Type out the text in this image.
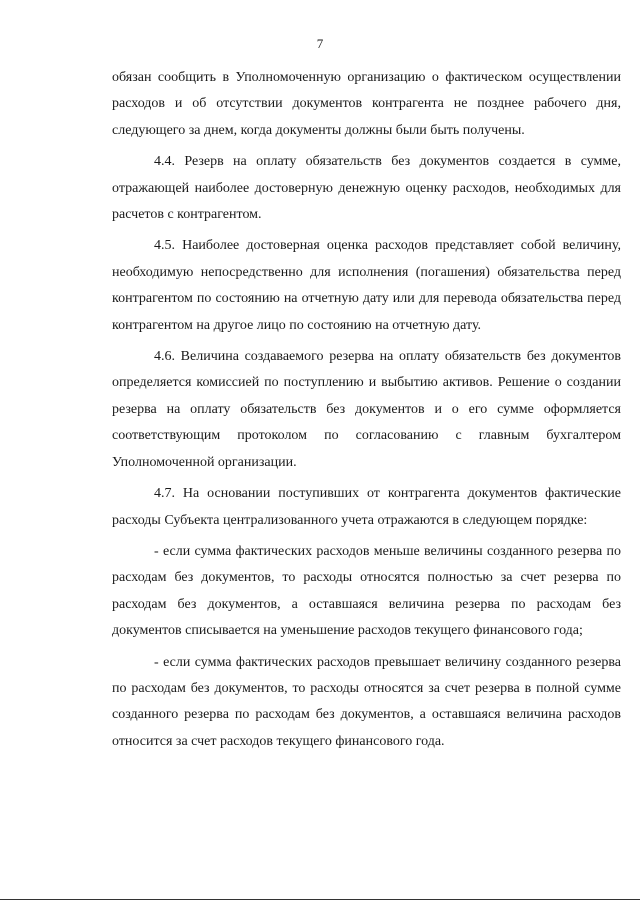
7

обязан сообщить в Уполномоченную организацию о фактическом осуществлении расходов и об отсутствии документов контрагента не позднее рабочего дня, следующего за днем, когда документы должны были быть получены.

4.4. Резерв на оплату обязательств без документов создается в сумме, отражающей наиболее достоверную денежную оценку расходов, необходимых для расчетов с контрагентом.

4.5. Наиболее достоверная оценка расходов представляет собой величину, необходимую непосредственно для исполнения (погашения) обязательства перед контрагентом по состоянию на отчетную дату или для перевода обязательства перед контрагентом на другое лицо по состоянию на отчетную дату.

4.6. Величина создаваемого резерва на оплату обязательств без документов определяется комиссией по поступлению и выбытию активов. Решение о создании резерва на оплату обязательств без документов и о его сумме оформляется соответствующим протоколом по согласованию с главным бухгалтером Уполномоченной организации.

4.7. На основании поступивших от контрагента документов фактические расходы Субъекта централизованного учета отражаются в следующем порядке:

- если сумма фактических расходов меньше величины созданного резерва по расходам без документов, то расходы относятся полностью за счет резерва по расходам без документов, а оставшаяся величина резерва по расходам без документов списывается на уменьшение расходов текущего финансового года;

- если сумма фактических расходов превышает величину созданного резерва по расходам без документов, то расходы относятся за счет резерва в полной сумме созданного резерва по расходам без документов, а оставшаяся величина расходов относится за счет расходов текущего финансового года.
